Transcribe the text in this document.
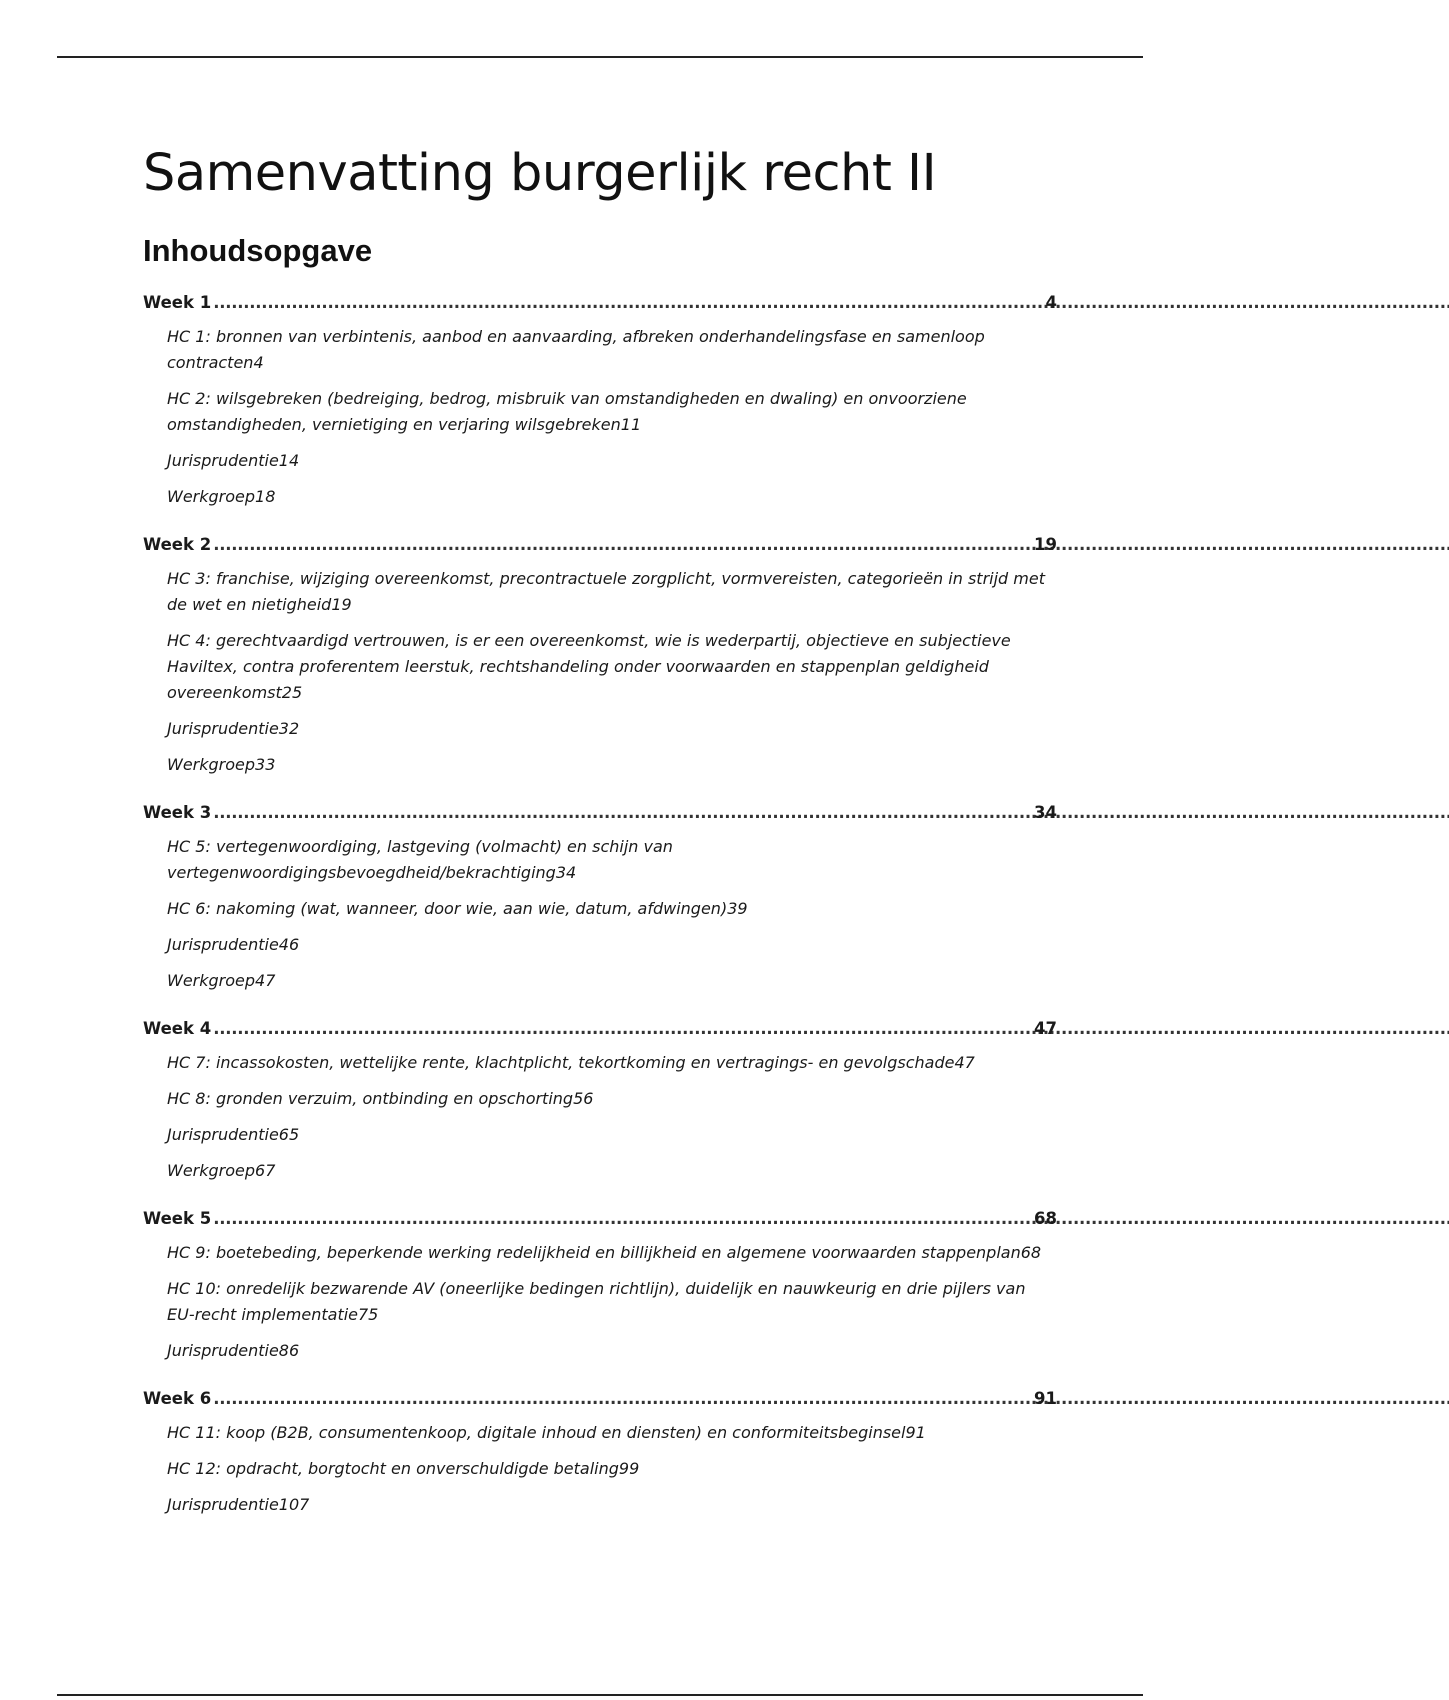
Samenvatting burgerlijk recht II
Inhoudsopgave
Week 1 . . .	4
HC 1: bronnen van verbintenis, aanbod en aanvaarding, afbreken onderhandelingsfase en samenloop
contracten 4
HC 2: wilsgebreken (bedreiging, bedrog, misbruik van omstandigheden en dwaling) en onvoorziene
omstandigheden, vernietiging en verjaring wilsgebreken 11
Jurisprudentie 14
Werkgroep 18
Week 2 . . .	19
HC 3: franchise, wijziging overeenkomst, precontractuele zorgplicht, vormvereisten, categorieën in strijd met
de wet en nietigheid 19
HC 4: gerechtvaardigd vertrouwen, is er een overeenkomst, wie is wederpartij, objectieve en subjectieve
Haviltex, contra proferentem leerstuk, rechtshandeling onder voorwaarden en stappenplan geldigheid
overeenkomst 25
Jurisprudentie 32
Werkgroep 33
Week 3 . . .	34
HC 5: vertegenwoordiging, lastgeving (volmacht) en schijn van
vertegenwoordigingsbevoegdheid/bekrachtiging 34
HC 6: nakoming (wat, wanneer, door wie, aan wie, datum, afdwingen) 39
Jurisprudentie 46
Werkgroep 47
Week 4 . . .	47
HC 7: incassokosten, wettelijke rente, klachtplicht, tekortkoming en vertragings- en gevolgschade 47
HC 8: gronden verzuim, ontbinding en opschorting 56
Jurisprudentie 65
Werkgroep 67
Week 5 . . .	68
HC 9: boetebeding, beperkende werking redelijkheid en billijkheid en algemene voorwaarden stappenplan 68
HC 10: onredelijk bezwarende AV (oneerlijke bedingen richtlijn), duidelijk en nauwkeurig en drie pijlers van
EU-recht implementatie 75
Jurisprudentie 86
Week 6 . . .	91
HC 11: koop (B2B, consumentenkoop, digitale inhoud en diensten) en conformiteitsbeginsel 91
HC 12: opdracht, borgtocht en onverschuldigde betaling 99
Jurisprudentie 107
